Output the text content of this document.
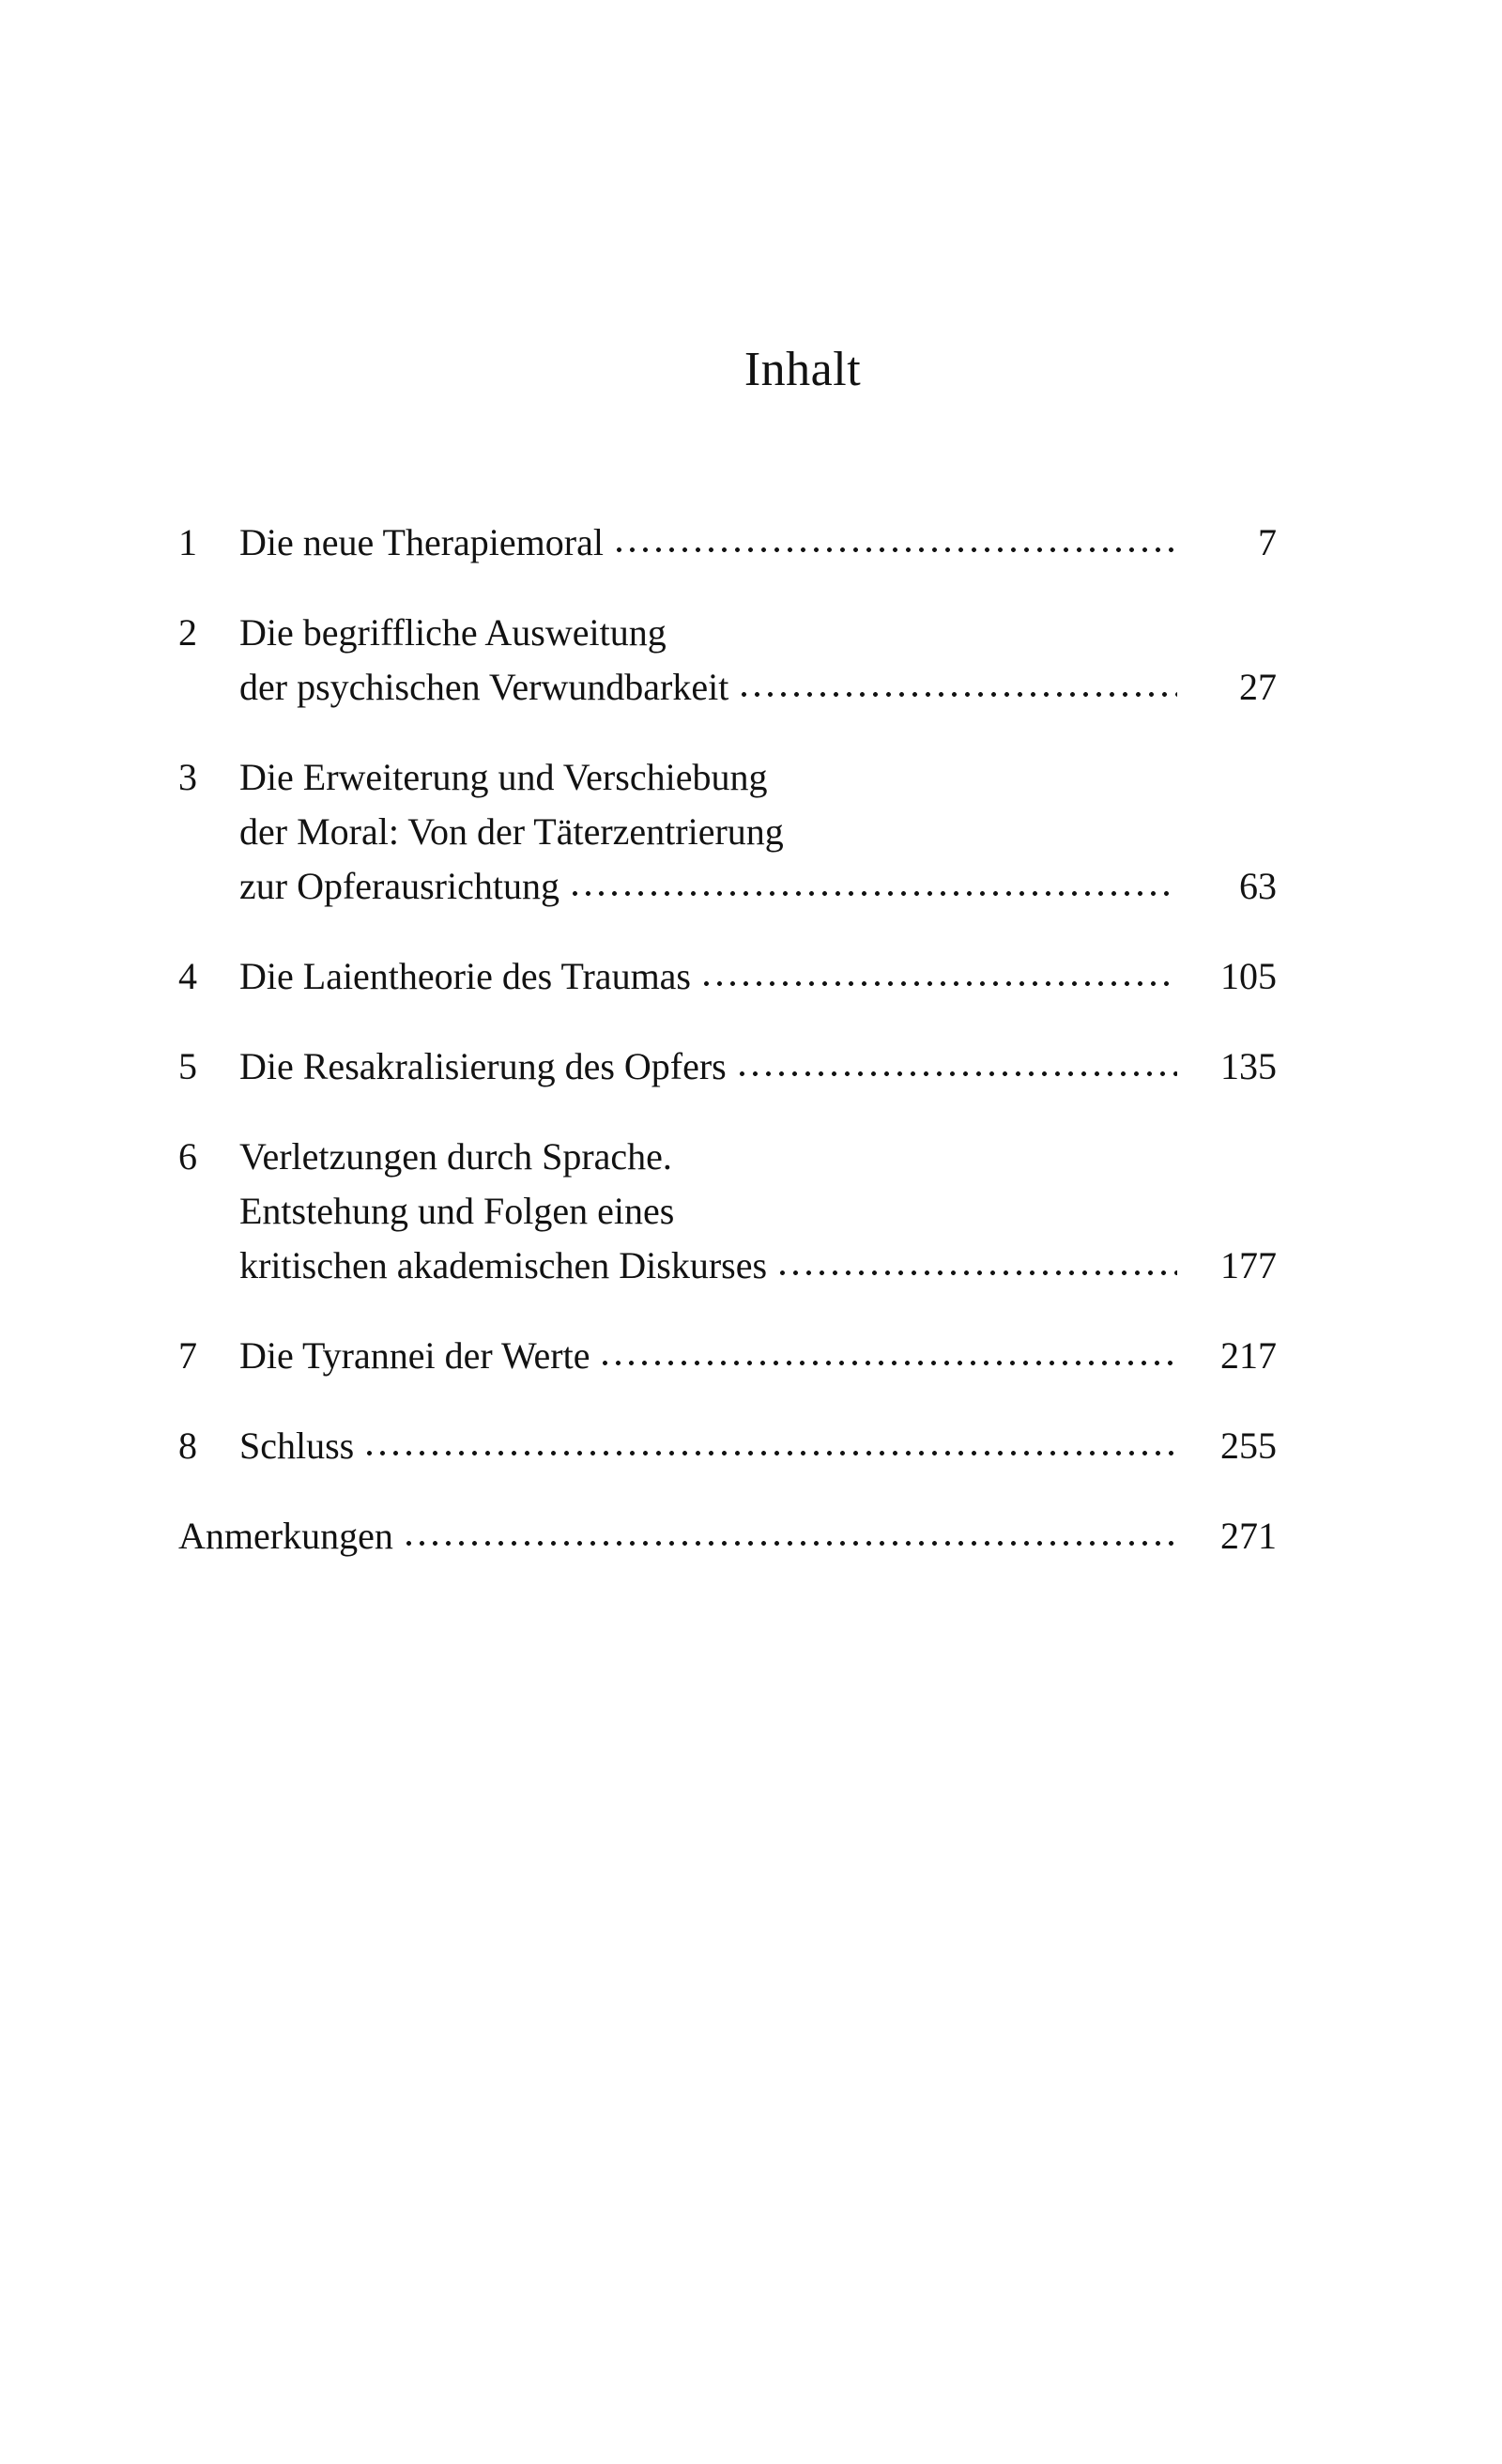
Inhalt
1	Die neue Therapiemoral	7
2	Die begriffliche Ausweitung
der psychischen Verwundbarkeit	27
3	Die Erweiterung und Verschiebung
der Moral: Von der Täterzentrierung
zur Opferausrichtung	63
4	Die Laientheorie des Traumas	105
5	Die Resakralisierung des Opfers	135
6	Verletzungen durch Sprache.
Entstehung und Folgen eines
kritischen akademischen Diskurses	177
7	Die Tyrannei der Werte	217
8	Schluss	255
Anmerkungen	271
